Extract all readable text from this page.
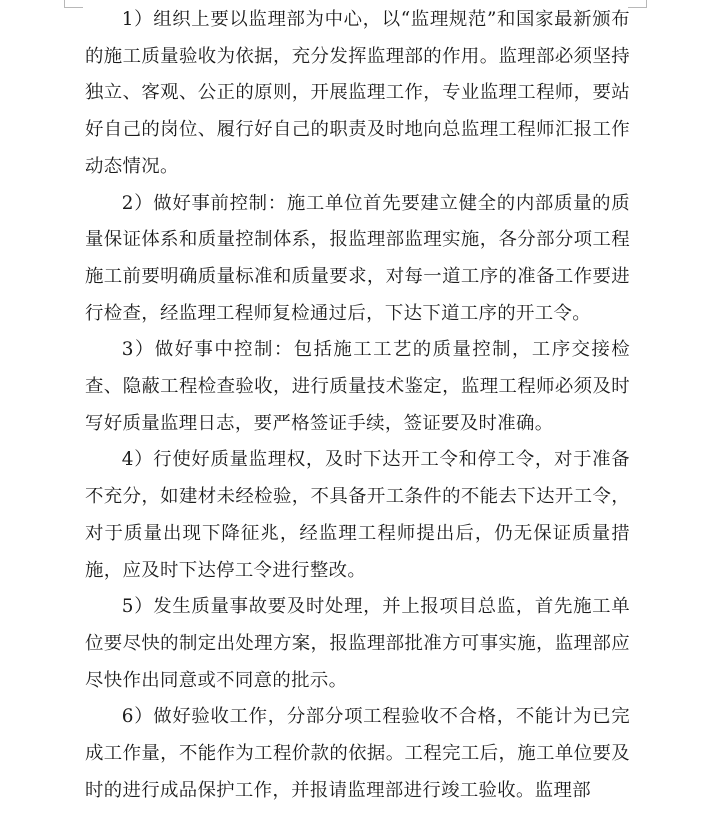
1）组织上要以监理部为中心，以“监理规范”和国家最新颁布的施工质量验收为依据，充分发挥监理部的作用。监理部必须坚持独立、客观、公正的原则，开展监理工作，专业监理工程师，要站好自己的岗位、履行好自己的职责及时地向总监理工程师汇报工作动态情况。

2）做好事前控制：施工单位首先要建立健全的内部质量的质量保证体系和质量控制体系，报监理部监理实施，各分部分项工程施工前要明确质量标准和质量要求，对每一道工序的准备工作要进行检查，经监理工程师复检通过后，下达下道工序的开工令。

3）做好事中控制：包括施工工艺的质量控制，工序交接检查、隐蔽工程检查验收，进行质量技术鉴定，监理工程师必须及时写好质量监理日志，要严格签证手续，签证要及时准确。

4）行使好质量监理权，及时下达开工令和停工令，对于准备不充分，如建材未经检验，不具备开工条件的不能去下达开工令，对于质量出现下降征兆，经监理工程师提出后，仍无保证质量措施，应及时下达停工令进行整改。

5）发生质量事故要及时处理，并上报项目总监，首先施工单位要尽快的制定出处理方案，报监理部批准方可事实施，监理部应尽快作出同意或不同意的批示。

6）做好验收工作，分部分项工程验收不合格，不能计为已完成工作量，不能作为工程价款的依据。工程完工后，施工单位要及时的进行成品保护工作，并报请监理部进行竣工验收。监理部
